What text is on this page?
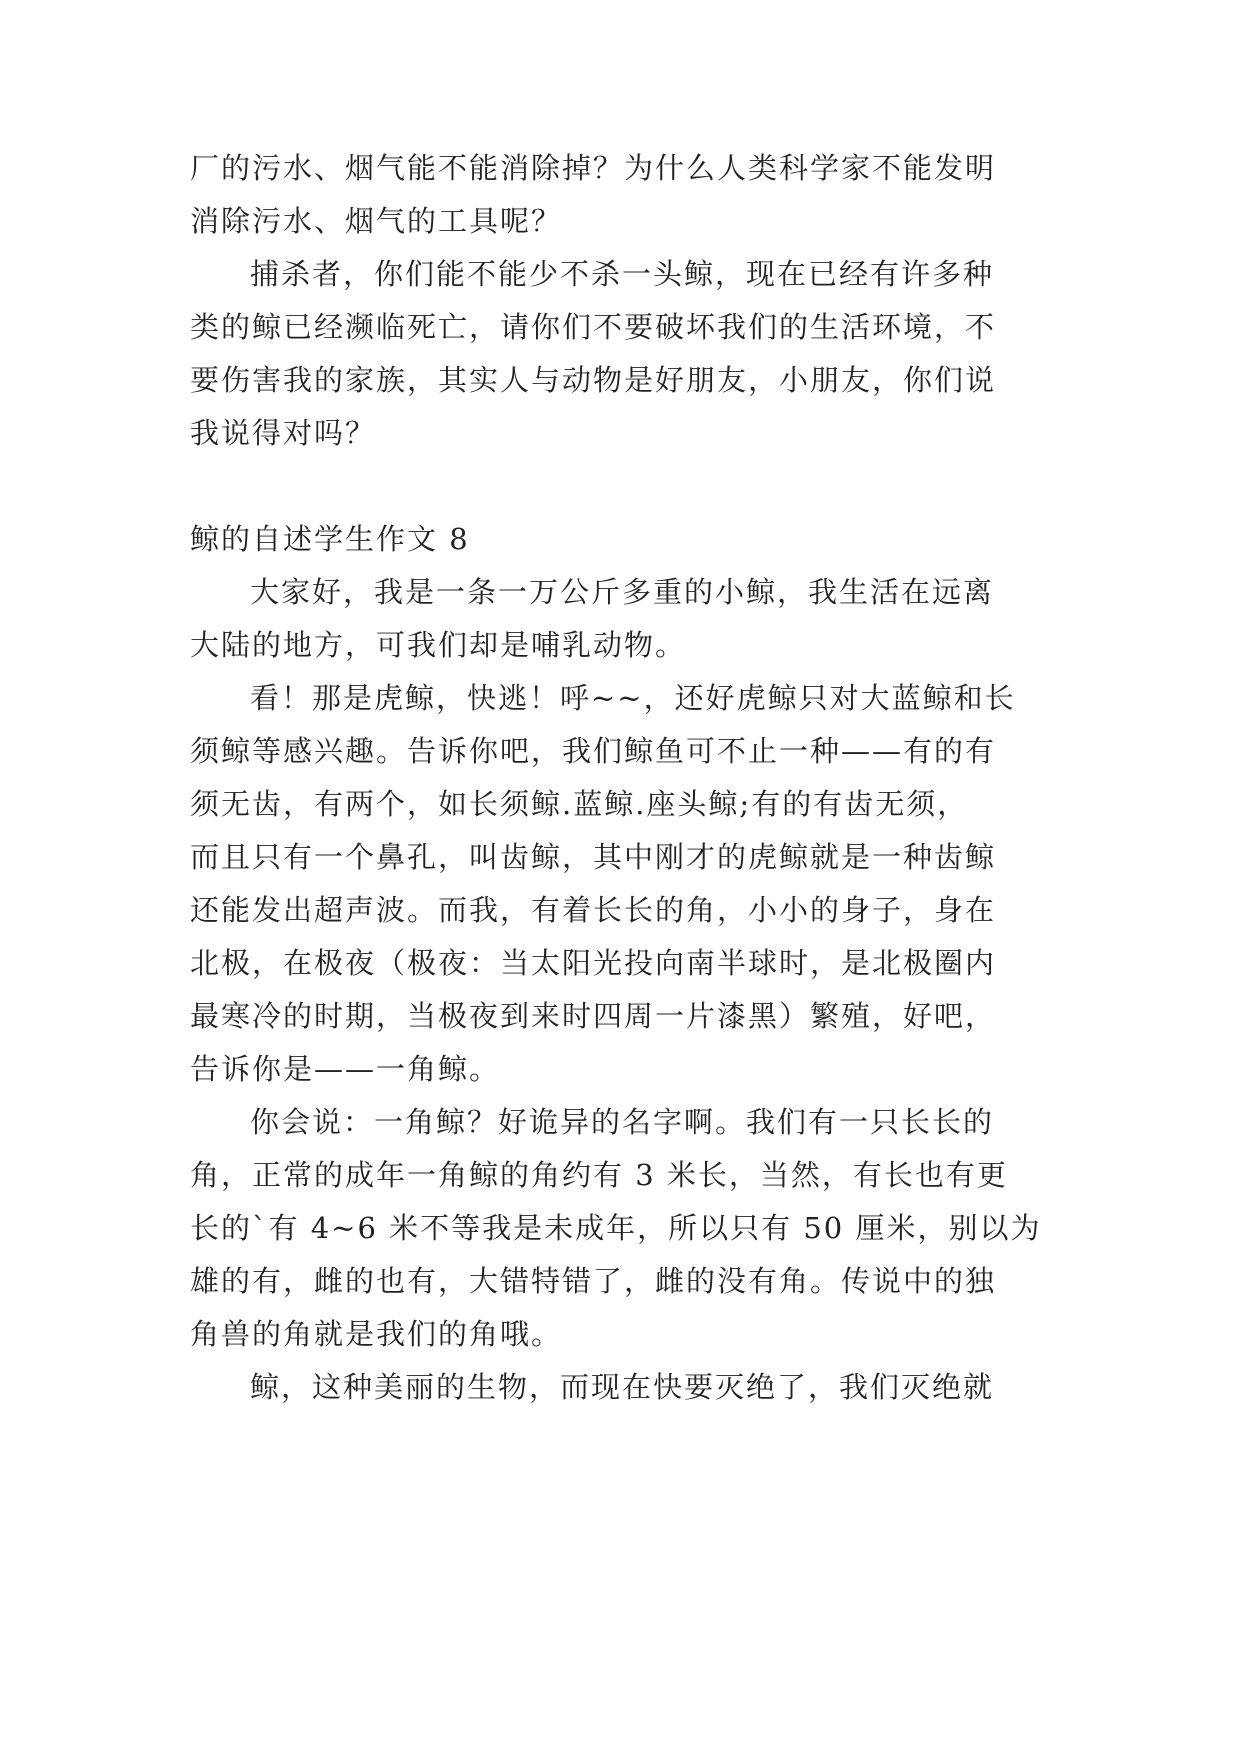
厂的污水、烟气能不能消除掉？为什么人类科学家不能发明
消除污水、烟气的工具呢？
捕杀者，你们能不能少不杀一头鲸，现在已经有许多种
类的鲸已经濒临死亡，请你们不要破坏我们的生活环境，不
要伤害我的家族，其实人与动物是好朋友，小朋友，你们说
我说得对吗？
鲸的自述学生作文 8
大家好，我是一条一万公斤多重的小鲸，我生活在远离
大陆的地方，可我们却是哺乳动物。
看！那是虎鲸，快逃！呼~~，还好虎鲸只对大蓝鲸和长
须鲸等感兴趣。告诉你吧，我们鲸鱼可不止一种——有的有
须无齿，有两个，如长须鲸.蓝鲸.座头鲸;有的有齿无须，
而且只有一个鼻孔，叫齿鲸，其中刚才的虎鲸就是一种齿鲸
还能发出超声波。而我，有着长长的角，小小的身子，身在
北极，在极夜（极夜：当太阳光投向南半球时，是北极圈内
最寒冷的时期，当极夜到来时四周一片漆黑）繁殖，好吧，
告诉你是——一角鲸。
你会说：一角鲸？好诡异的名字啊。我们有一只长长的
角，正常的成年一角鲸的角约有 3 米长，当然，有长也有更
长的`有 4~6 米不等我是未成年，所以只有 50 厘米，别以为
雄的有，雌的也有，大错特错了，雌的没有角。传说中的独
角兽的角就是我们的角哦。
鲸，这种美丽的生物，而现在快要灭绝了，我们灭绝就
